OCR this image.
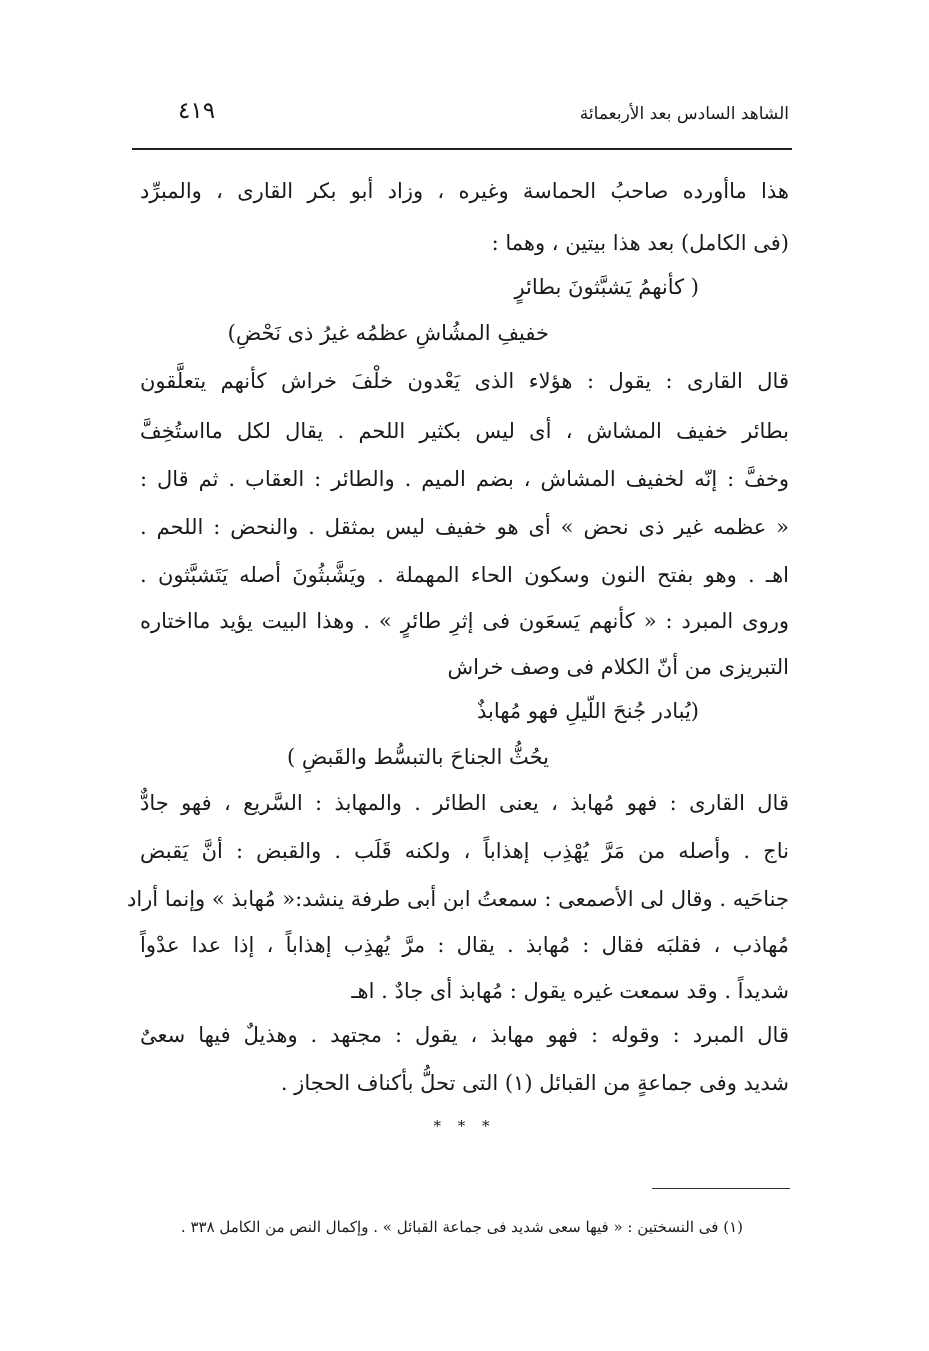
الشاهد السادس بعد الأربعمائة
٤١٩
هذا ماأورده صاحبُ الحماسة وغيره ، وزاد أبو بكر القارى ، والمبرِّد
(فى الكامل) بعد هذا بيتين ، وهما :
( كأنهمُ يَشبَّثونَ بطائرٍ
خفيفِ المشُاشِ عظمُه غيرُ ذى نَحْضِ)
قال القارى : يقول : هؤلاء الذى يَعْدون خلْفَ خراش كأنهم يتعلَّقون
بطائر خفيف المشاش ، أى ليس بكثير اللحم . يقال لكل مااستُخِفَّ
وخفَّ : إنّه لخفيف المشاش ، بضم الميم . والطائر : العقاب . ثم قال :
« عظمه غير ذى نحض » أى هو خفيف ليس بمثقل . والنحض : اللحم .
اهـ . وهو بفتح النون وسكون الحاء المهملة . ويَشَّبثُونَ أصله يَتَشبَّثون .
وروى المبرد : « كأنهم يَسعَون فى إثرِ طائرٍ » . وهذا البيت يؤيد مااختاره
التبريزى من أنّ الكلام فى وصف خراش
(يُبادر جُنحَ اللّيلِ فهو مُهابذٌ
يحُثُّ الجناحَ بالتبسُّط والقَبضِ )
قال القارى : فهو مُهابذ ، يعنى الطائر . والمهابذ : السَّريع ، فهو جادٌّ
ناج . وأصله من مَرَّ يُهْذِب إهذاباً ، ولكنه قَلَب . والقبض : أنَّ يَقبض
جناحَيه . وقال لى الأصمعى : سمعتُ ابن أبى طرفة ينشد:« مُهابذ » وإنما أراد
مُهاذب ، فقلبَه فقال : مُهابذ . يقال : مرَّ يُهذِب إهذاباً ، إذا عدا عدْواً
شديداً . وقد سمعت غيره يقول : مُهابذ أى جادٌ . اهـ
قال المبرد : وقوله : فهو مهابذ ، يقول : مجتهد . وهذيلٌ فيها سعىٌ
شديد وفى جماعةٍ من القبائل (١) التى تحلُّ بأكناف الحجاز .
* * *
(١) فى النسختين : « فيها سعى شديد فى جماعة القبائل » . وإكمال النص من الكامل ٣٣٨ .
